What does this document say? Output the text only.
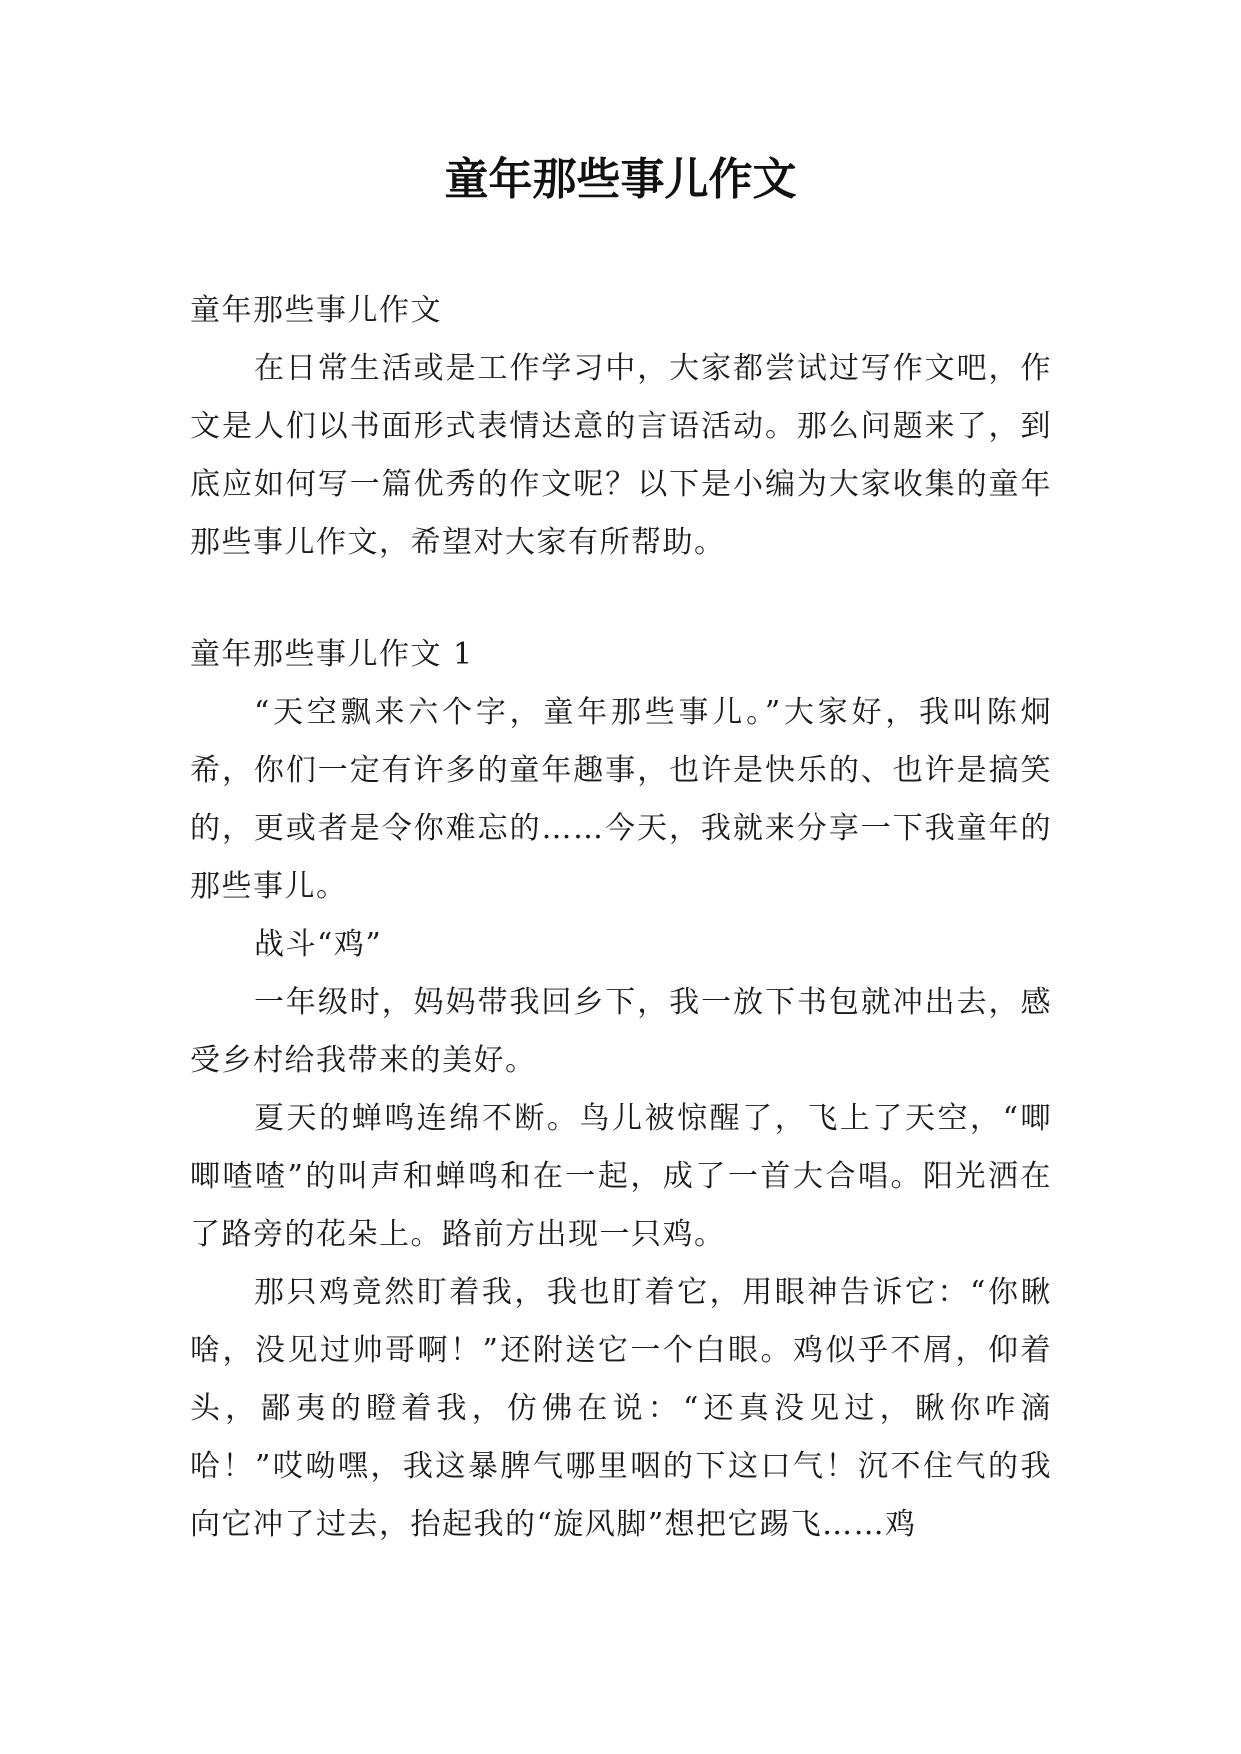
童年那些事儿作文

童年那些事儿作文

在日常生活或是工作学习中，大家都尝试过写作文吧，作文是人们以书面形式表情达意的言语活动。那么问题来了，到底应如何写一篇优秀的作文呢？以下是小编为大家收集的童年那些事儿作文，希望对大家有所帮助。

童年那些事儿作文 1

“天空飘来六个字，童年那些事儿。”大家好，我叫陈炯希，你们一定有许多的童年趣事，也许是快乐的、也许是搞笑的，更或者是令你难忘的……今天，我就来分享一下我童年的那些事儿。

战斗“鸡”

一年级时，妈妈带我回乡下，我一放下书包就冲出去，感受乡村给我带来的美好。

夏天的蝉鸣连绵不断。鸟儿被惊醒了，飞上了天空，“唧唧喳喳”的叫声和蝉鸣和在一起，成了一首大合唱。阳光洒在了路旁的花朵上。路前方出现一只鸡。

那只鸡竟然盯着我，我也盯着它，用眼神告诉它：“你瞅啥，没见过帅哥啊！”还附送它一个白眼。鸡似乎不屑，仰着头，鄙夷的瞪着我，仿佛在说：“还真没见过，瞅你咋滴哈！”哎呦嘿，我这暴脾气哪里咽的下这口气！沉不住气的我向它冲了过去，抬起我的“旋风脚”想把它踢飞……鸡
